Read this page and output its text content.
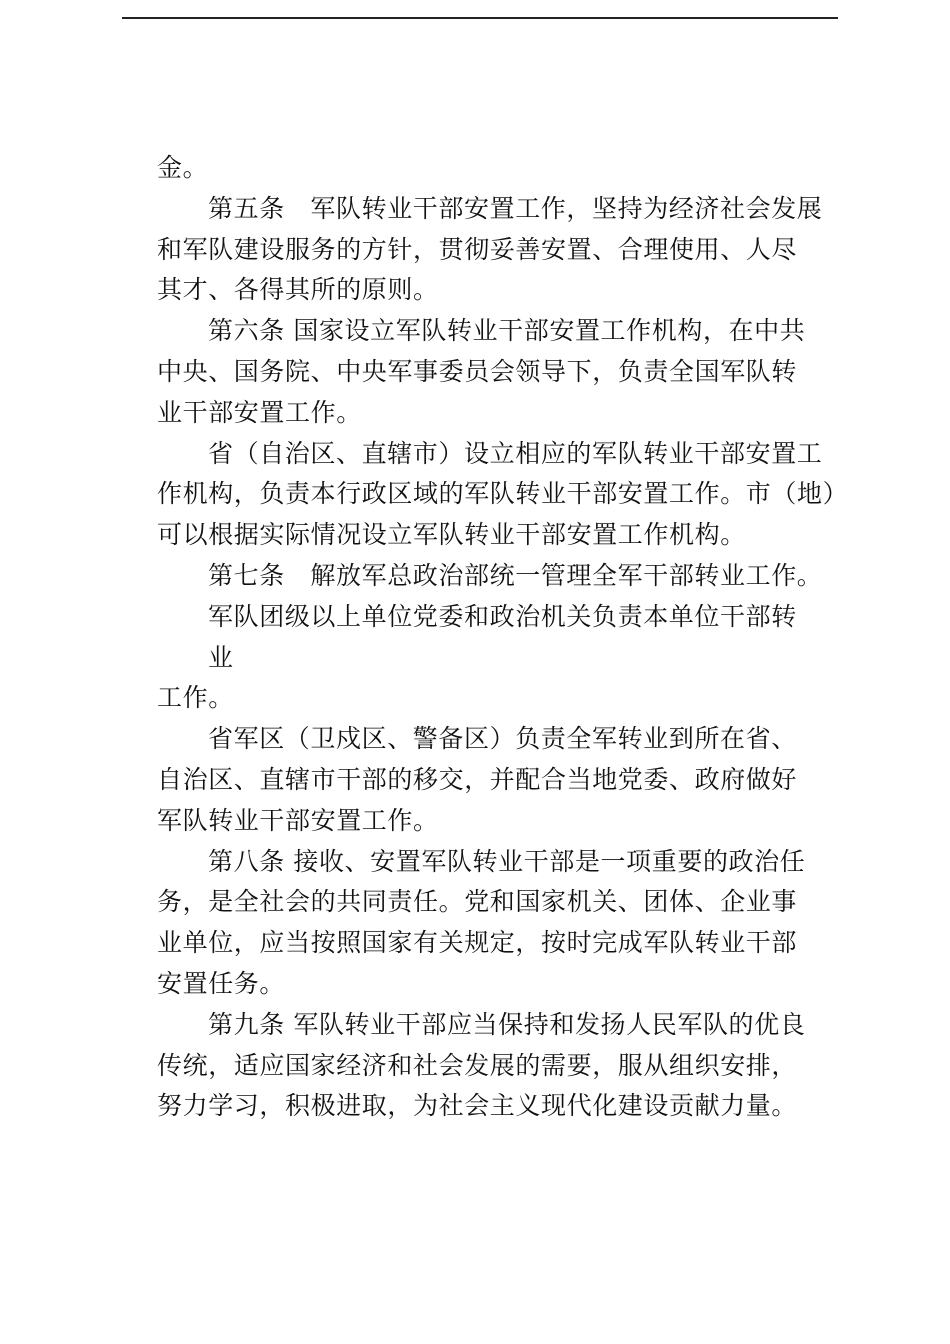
金。
第五条　军队转业干部安置工作，坚持为经济社会发展
和军队建设服务的方针，贯彻妥善安置、合理使用、人尽
其才、各得其所的原则。
第六条 国家设立军队转业干部安置工作机构，在中共
中央、国务院、中央军事委员会领导下，负责全国军队转
业干部安置工作。
省（自治区、直辖市）设立相应的军队转业干部安置工
作机构，负责本行政区域的军队转业干部安置工作。市（地）
可以根据实际情况设立军队转业干部安置工作机构。
第七条　解放军总政治部统一管理全军干部转业工作。
军队团级以上单位党委和政治机关负责本单位干部转
业
工作。
省军区（卫戍区、警备区）负责全军转业到所在省、
自治区、直辖市干部的移交，并配合当地党委、政府做好
军队转业干部安置工作。
第八条 接收、安置军队转业干部是一项重要的政治任
务，是全社会的共同责任。党和国家机关、团体、企业事
业单位，应当按照国家有关规定，按时完成军队转业干部
安置任务。
第九条 军队转业干部应当保持和发扬人民军队的优良
传统，适应国家经济和社会发展的需要，服从组织安排，
努力学习，积极进取，为社会主义现代化建设贡献力量。
